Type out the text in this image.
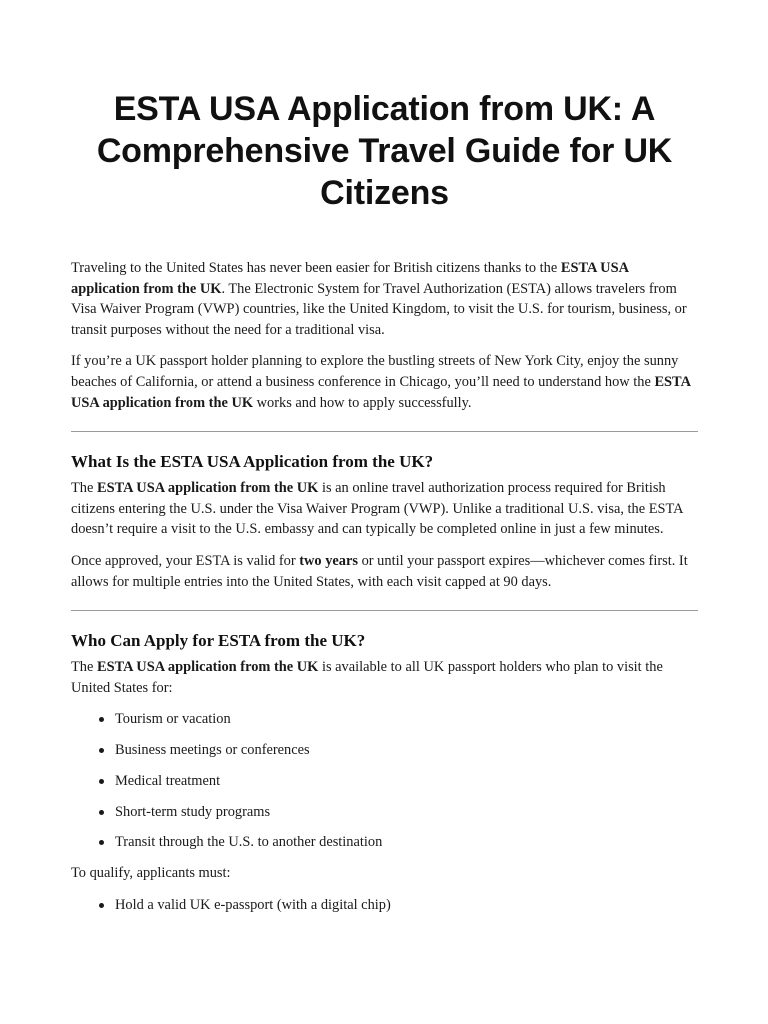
ESTA USA Application from UK: A Comprehensive Travel Guide for UK Citizens

Traveling to the United States has never been easier for British citizens thanks to the ESTA USA application from the UK. The Electronic System for Travel Authorization (ESTA) allows travelers from Visa Waiver Program (VWP) countries, like the United Kingdom, to visit the U.S. for tourism, business, or transit purposes without the need for a traditional visa.

If you’re a UK passport holder planning to explore the bustling streets of New York City, enjoy the sunny beaches of California, or attend a business conference in Chicago, you’ll need to understand how the ESTA USA application from the UK works and how to apply successfully.

What Is the ESTA USA Application from the UK?

The ESTA USA application from the UK is an online travel authorization process required for British citizens entering the U.S. under the Visa Waiver Program (VWP). Unlike a traditional U.S. visa, the ESTA doesn’t require a visit to the U.S. embassy and can typically be completed online in just a few minutes.

Once approved, your ESTA is valid for two years or until your passport expires—whichever comes first. It allows for multiple entries into the United States, with each visit capped at 90 days.

Who Can Apply for ESTA from the UK?

The ESTA USA application from the UK is available to all UK passport holders who plan to visit the United States for:

Tourism or vacation
Business meetings or conferences
Medical treatment
Short-term study programs
Transit through the U.S. to another destination

To qualify, applicants must:

Hold a valid UK e-passport (with a digital chip)
